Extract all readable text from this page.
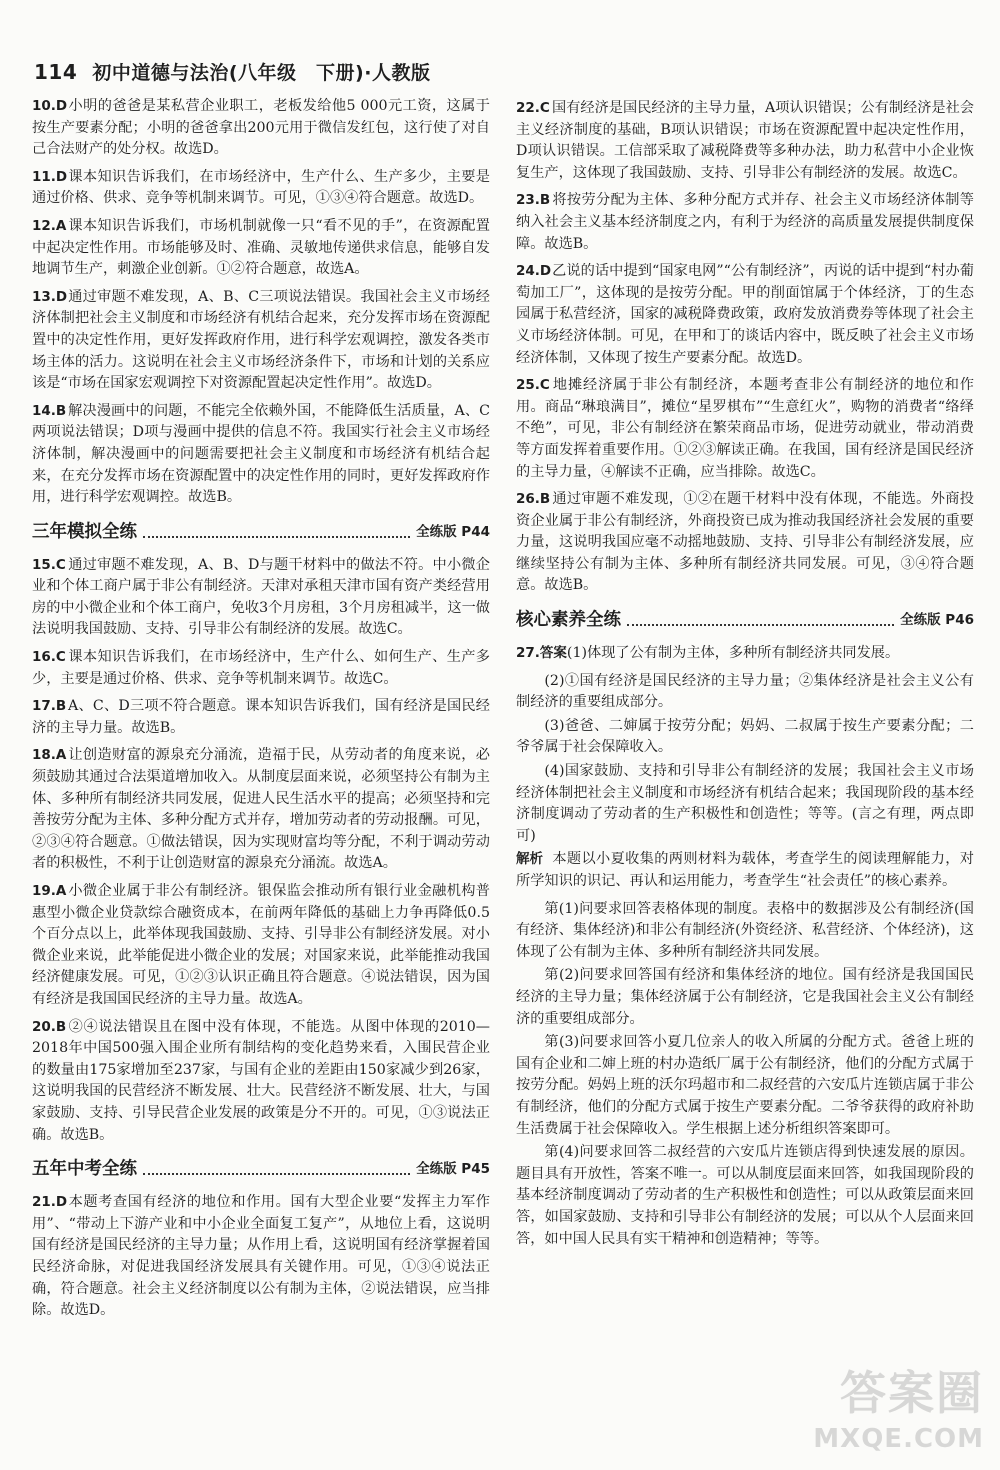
114 初中道德与法治(八年级　下册)·人教版
10.D小明的爸爸是某私营企业职工，老板发给他5 000元工资，这属于按生产要素分配；小明的爸爸拿出200元用于微信发红包，这行使了对自己合法财产的处分权。故选D。
11.D课本知识告诉我们，在市场经济中，生产什么、生产多少，主要是通过价格、供求、竞争等机制来调节。可见，①③④符合题意。故选D。
12.A 课本知识告诉我们，市场机制就像一只“看不见的手”，在资源配置中起决定性作用。市场能够及时、准确、灵敏地传递供求信息，能够自发地调节生产，刺激企业创新。①②符合题意，故选A。
13.D通过审题不难发现，A、B、C三项说法错误。我国社会主义市场经济体制把社会主义制度和市场经济有机结合起来，充分发挥市场在资源配置中的决定性作用，更好发挥政府作用，进行科学宏观调控，激发各类市场主体的活力。这说明在社会主义市场经济条件下，市场和计划的关系应该是“市场在国家宏观调控下对资源配置起决定性作用”。故选D。
14.B 解决漫画中的问题，不能完全依赖外国，不能降低生活质量，A、C两项说法错误；D项与漫画中提供的信息不符。我国实行社会主义市场经济体制，解决漫画中的问题需要把社会主义制度和市场经济有机结合起来，在充分发挥市场在资源配置中的决定性作用的同时，更好发挥政府作用，进行科学宏观调控。故选B。
三年模拟全练	全练版 P44
15.C 通过审题不难发现，A、B、D与题干材料中的做法不符。中小微企业和个体工商户属于非公有制经济。天津对承租天津市国有资产类经营用房的中小微企业和个体工商户，免收3个月房租，3个月房租减半，这一做法说明我国鼓励、支持、引导非公有制经济的发展。故选C。
16.C 课本知识告诉我们，在市场经济中，生产什么、如何生产、生产多少，主要是通过价格、供求、竞争等机制来调节。故选C。
17.B A、C、D三项不符合题意。课本知识告诉我们，国有经济是国民经济的主导力量。故选B。
18.A 让创造财富的源泉充分涌流，造福于民，从劳动者的角度来说，必须鼓励其通过合法渠道增加收入。从制度层面来说，必须坚持公有制为主体、多种所有制经济共同发展，促进人民生活水平的提高；必须坚持和完善按劳分配为主体、多种分配方式并存，增加劳动者的劳动报酬。可见，②③④符合题意。①做法错误，因为实现财富均等分配，不利于调动劳动者的积极性，不利于让创造财富的源泉充分涌流。故选A。
19.A 小微企业属于非公有制经济。银保监会推动所有银行业金融机构普惠型小微企业贷款综合融资成本，在前两年降低的基础上力争再降低0.5个百分点以上，此举体现我国鼓励、支持、引导非公有制经济发展。对小微企业来说，此举能促进小微企业的发展；对国家来说，此举能推动我国经济健康发展。可见，①②③认识正确且符合题意。④说法错误，因为国有经济是我国国民经济的主导力量。故选A。
20.B ②④说法错误且在图中没有体现，不能选。从图中体现的2010—2018年中国500强入围企业所有制结构的变化趋势来看，入围民营企业的数量由175家增加至237家，与国有企业的差距由150家减少到26家，这说明我国的民营经济不断发展、壮大。民营经济不断发展、壮大，与国家鼓励、支持、引导民营企业发展的政策是分不开的。可见，①③说法正确。故选B。
五年中考全练	全练版 P45
21.D本题考查国有经济的地位和作用。国有大型企业要“发挥主力军作用”、“带动上下游产业和中小企业全面复工复产”，从地位上看，这说明国有经济是国民经济的主导力量；从作用上看，这说明国有经济掌握着国民经济命脉，对促进我国经济发展具有关键作用。可见，①③④说法正确，符合题意。社会主义经济制度以公有制为主体，②说法错误，应当排除。故选D。
22.C 国有经济是国民经济的主导力量，A项认识错误；公有制经济是社会主义经济制度的基础，B项认识错误；市场在资源配置中起决定性作用，D项认识错误。工信部采取了减税降费等多种办法，助力私营中小企业恢复生产，这体现了我国鼓励、支持、引导非公有制经济的发展。故选C。
23.B 将按劳分配为主体、多种分配方式并存、社会主义市场经济体制等纳入社会主义基本经济制度之内，有利于为经济的高质量发展提供制度保障。故选B。
24.D乙说的话中提到“国家电网”“公有制经济”，丙说的话中提到“村办葡萄加工厂”，这体现的是按劳分配。甲的削面馆属于个体经济，丁的生态园属于私营经济，国家的减税降费政策，政府发放消费券等体现了社会主义市场经济体制。可见，在甲和丁的谈话内容中，既反映了社会主义市场经济体制，又体现了按生产要素分配。故选D。
25.C 地摊经济属于非公有制经济，本题考查非公有制经济的地位和作用。商品“琳琅满目”，摊位“星罗棋布”“生意红火”，购物的消费者“络绎不绝”，可见，非公有制经济在繁荣商品市场，促进劳动就业，带动消费等方面发挥着重要作用。①②③解读正确。在我国，国有经济是国民经济的主导力量，④解读不正确，应当排除。故选C。
26.B 通过审题不难发现，①②在题干材料中没有体现，不能选。外商投资企业属于非公有制经济，外商投资已成为推动我国经济社会发展的重要力量，这说明我国应毫不动摇地鼓励、支持、引导非公有制经济发展，应继续坚持公有制为主体、多种所有制经济共同发展。可见，③④符合题意。故选B。
核心素养全练	全练版 P46
27.答案(1)体现了公有制为主体，多种所有制经济共同发展。
(2)①国有经济是国民经济的主导力量；②集体经济是社会主义公有制经济的重要组成部分。
(3)爸爸、二婶属于按劳分配；妈妈、二叔属于按生产要素分配；二爷爷属于社会保障收入。
(4)国家鼓励、支持和引导非公有制经济的发展；我国社会主义市场经济体制把社会主义制度和市场经济有机结合起来；我国现阶段的基本经济制度调动了劳动者的生产积极性和创造性；等等。(言之有理，两点即可)
解析 本题以小夏收集的两则材料为载体，考查学生的阅读理解能力，对所学知识的识记、再认和运用能力，考查学生“社会责任”的核心素养。
第(1)问要求回答表格体现的制度。表格中的数据涉及公有制经济(国有经济、集体经济)和非公有制经济(外资经济、私营经济、个体经济)，这体现了公有制为主体、多种所有制经济共同发展。
第(2)问要求回答国有经济和集体经济的地位。国有经济是我国国民经济的主导力量；集体经济属于公有制经济，它是我国社会主义公有制经济的重要组成部分。
第(3)问要求回答小夏几位亲人的收入所属的分配方式。爸爸上班的国有企业和二婶上班的村办造纸厂属于公有制经济，他们的分配方式属于按劳分配。妈妈上班的沃尔玛超市和二叔经营的六安瓜片连锁店属于非公有制经济，他们的分配方式属于按生产要素分配。二爷爷获得的政府补助生活费属于社会保障收入。学生根据上述分析组织答案即可。
第(4)问要求回答二叔经营的六安瓜片连锁店得到快速发展的原因。题目具有开放性，答案不唯一。可以从制度层面来回答，如我国现阶段的基本经济制度调动了劳动者的生产积极性和创造性；可以从政策层面来回答，如国家鼓励、支持和引导非公有制经济的发展；可以从个人层面来回答，如中国人民具有实干精神和创造精神；等等。
答案圈
MXQE.COM
